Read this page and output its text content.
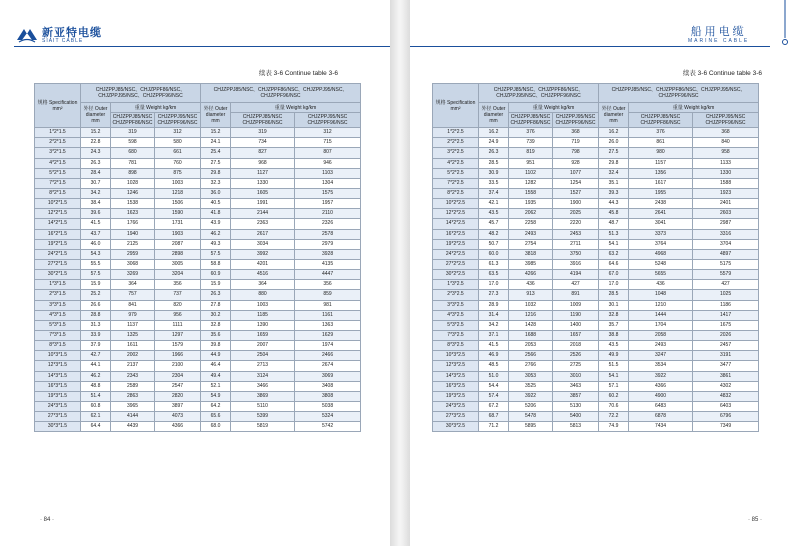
新亚特电缆
SIAIT CABLE
续表 3-6 Continue table 3-6
规格 Specification mm²	CHJZPPJ85/NSC、CHJZPPF86/NSC、CHJZPPJ95/NSC、CHJZPPF96/NSC			CHJZPPJ85/NSC、CHJZPPF86/NSC、CHJZPPJ95/NSC、CHJZPPF96/NSC		
	外径 Outer diameter mm	重量 Weight kg/km		外径 Outer diameter mm	重量 Weight kg/km	
		CHJZPPJ85/NSC CHJZPPF86/NSC	CHJZPPJ95/NSC CHJZPPF96/NSC		CHJZPPJ85/NSC CHJZPPF86/NSC	CHJZPPJ95/NSC CHJZPPF96/NSC
1*2*1.5	15.2	319	312	15.2	319	312
2*2*1.5	22.8	598	580	24.1	734	715
3*2*1.5	24.3	680	661	25.4	827	807
4*2*1.5	26.3	781	760	27.5	968	946
5*2*1.5	28.4	898	875	29.8	1127	1103
7*2*1.5	30.7	1028	1003	32.3	1330	1304
8*2*1.5	34.2	1246	1218	36.0	1605	1575
10*2*1.5	38.4	1538	1506	40.5	1991	1957
12*2*1.5	39.6	1623	1590	41.8	2144	2110
14*2*1.5	41.5	1766	1731	43.9	2363	2326
16*2*1.5	43.7	1940	1903	46.2	2617	2578
19*2*1.5	46.0	2125	2087	49.3	3034	2979
24*2*1.5	54.3	2959	2898	57.5	3992	3928
27*2*1.5	55.5	3068	3005	58.8	4201	4135
30*2*1.5	57.5	3269	3204	60.9	4516	4447
1*3*1.5	15.9	364	356	15.9	364	356
2*3*1.5	25.2	757	737	26.3	880	859
3*3*1.5	26.6	841	820	27.8	1003	981
4*3*1.5	28.8	979	956	30.2	1185	1161
5*3*1.5	31.3	1137	1111	32.8	1390	1363
7*3*1.5	33.9	1325	1297	35.6	1659	1629
8*3*1.5	37.9	1611	1579	39.8	2007	1974
10*3*1.5	42.7	2002	1966	44.9	2504	2466
12*3*1.5	44.1	2137	2100	46.4	2713	2674
14*3*1.5	46.2	2343	2304	49.4	3124	3069
16*3*1.5	48.8	2589	2547	52.1	3466	3408
19*3*1.5	51.4	2863	2820	54.9	3869	3808
24*3*1.5	60.8	3965	3897	64.2	5110	5038
27*3*1.5	62.1	4144	4073	65.6	5399	5324
30*3*1.5	64.4	4439	4366	68.0	5819	5742
· 84 ·
船用电缆
MARINE CABLE
续表 3-6 Continue table 3-6
规格 Specification mm²	CHJZPPJ85/NSC、CHJZPPF86/NSC、CHJZPPJ95/NSC、CHJZPPF96/NSC			CHJZPPJ85/NSC、CHJZPPF86/NSC、CHJZPPJ95/NSC、CHJZPPF96/NSC		
	外径 Outer diameter mm	重量 Weight kg/km		外径 Outer diameter mm	重量 Weight kg/km	
		CHJZPPJ85/NSC CHJZPPF86/NSC	CHJZPPJ95/NSC CHJZPPF96/NSC		CHJZPPJ85/NSC CHJZPPF86/NSC	CHJZPPJ95/NSC CHJZPPF96/NSC
1*2*2.5	16.2	376	368	16.2	376	368
2*2*2.5	24.9	739	719	26.0	861	840
3*2*2.5	26.3	819	798	27.5	980	958
4*2*2.5	28.5	951	928	29.8	1157	1133
5*2*2.5	30.9	1102	1077	32.4	1356	1330
7*2*2.5	33.5	1282	1254	35.1	1617	1588
8*2*2.5	37.4	1558	1527	39.3	1955	1923
10*2*2.5	42.1	1935	1900	44.3	2438	2401
12*2*2.5	43.5	2062	2025	45.8	2641	2603
14*2*2.5	45.7	2258	2220	48.7	3041	2987
16*2*2.5	48.2	2493	2453	51.3	3373	3316
19*2*2.5	50.7	2754	2711	54.1	3764	3704
24*2*2.5	60.0	3818	3750	63.2	4968	4897
27*2*2.5	61.3	3985	3916	64.6	5248	5175
30*2*2.5	63.5	4266	4194	67.0	5655	5579
1*3*2.5	17.0	436	427	17.0	436	427
2*3*2.5	27.3	913	891	28.5	1048	1025
3*3*2.5	28.9	1032	1009	30.1	1210	1186
4*3*2.5	31.4	1216	1190	32.8	1444	1417
5*3*2.5	34.2	1428	1400	35.7	1704	1675
7*3*2.5	37.1	1688	1657	38.8	2058	2026
8*3*2.5	41.5	2053	2018	43.5	2493	2457
10*3*2.5	46.9	2566	2526	49.9	3247	3191
12*3*2.5	48.5	2766	2725	51.5	3534	3477
14*3*2.5	51.0	3053	3010	54.1	3922	3861
16*3*2.5	54.4	3525	3463	57.1	4366	4302
19*3*2.5	57.4	3922	3857	60.2	4900	4832
24*3*2.5	67.2	5206	5130	70.6	6483	6403
27*3*2.5	68.7	5478	5400	72.2	6878	6796
30*3*2.5	71.2	5895	5813	74.9	7434	7349
· 85 ·
